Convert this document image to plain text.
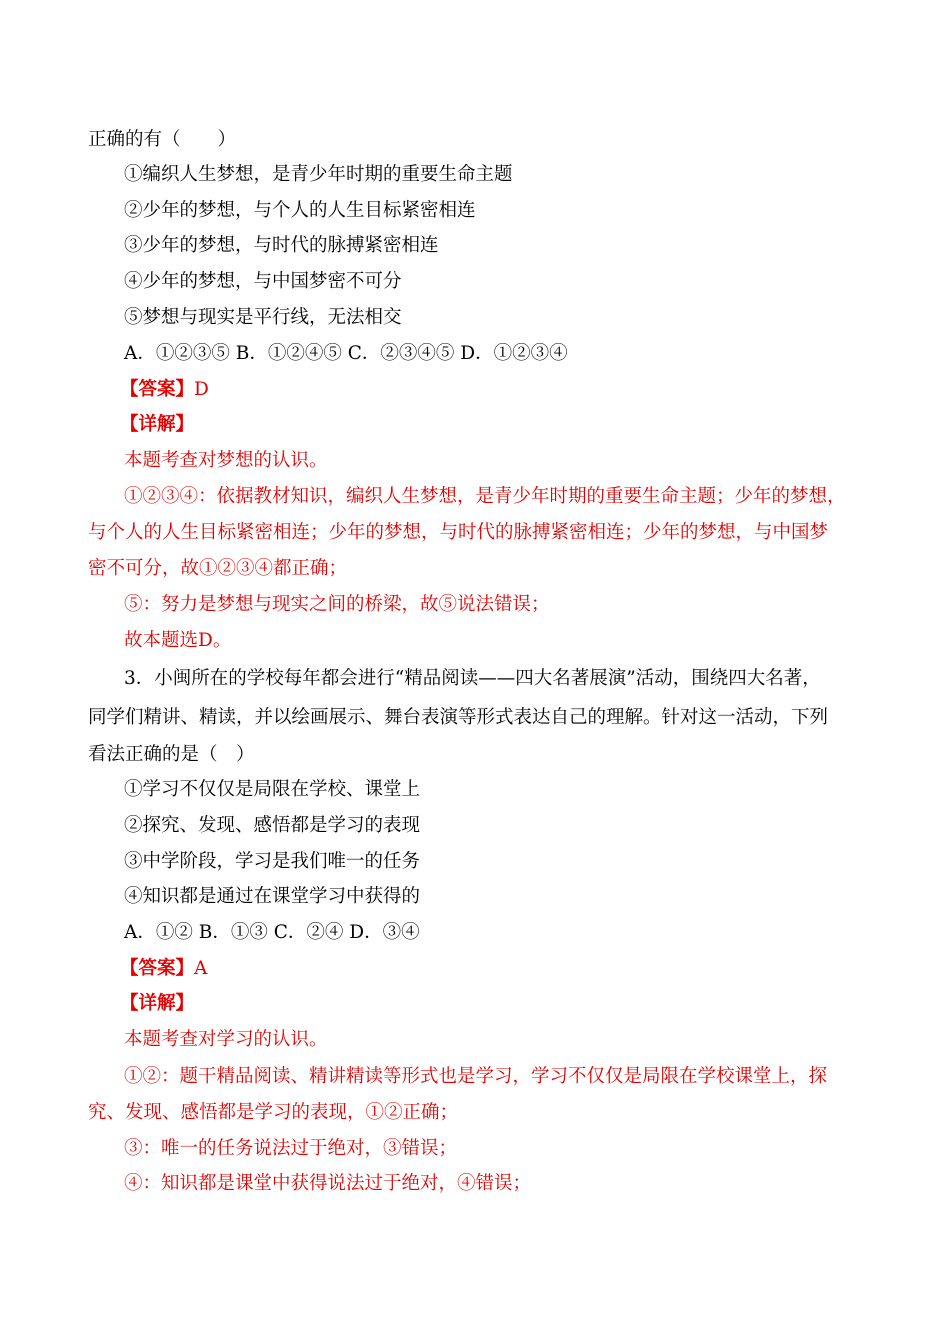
正确的有（　　）
①编织人生梦想，是青少年时期的重要生命主题
②少年的梦想，与个人的人生目标紧密相连
③少年的梦想，与时代的脉搏紧密相连
④少年的梦想，与中国梦密不可分
⑤梦想与现实是平行线，无法相交
A．①②③⑤ B．①②④⑤ C．②③④⑤ D．①②③④
【答案】D
【详解】
本题考查对梦想的认识。
①②③④：依据教材知识，编织人生梦想，是青少年时期的重要生命主题；少年的梦想，
与个人的人生目标紧密相连；少年的梦想，与时代的脉搏紧密相连；少年的梦想，与中国梦
密不可分，故①②③④都正确；
⑤：努力是梦想与现实之间的桥梁，故⑤说法错误；
故本题选D。
3．小闽所在的学校每年都会进行“精品阅读——四大名著展演”活动，围绕四大名著，
同学们精讲、精读，并以绘画展示、舞台表演等形式表达自己的理解。针对这一活动，下列
看法正确的是（　）
①学习不仅仅是局限在学校、课堂上
②探究、发现、感悟都是学习的表现
③中学阶段，学习是我们唯一的任务
④知识都是通过在课堂学习中获得的
A．①② B．①③ C．②④ D．③④
【答案】A
【详解】
本题考查对学习的认识。
①②：题干精品阅读、精讲精读等形式也是学习，学习不仅仅是局限在学校课堂上，探
究、发现、感悟都是学习的表现，①②正确；
③：唯一的任务说法过于绝对，③错误；
④：知识都是课堂中获得说法过于绝对，④错误；
